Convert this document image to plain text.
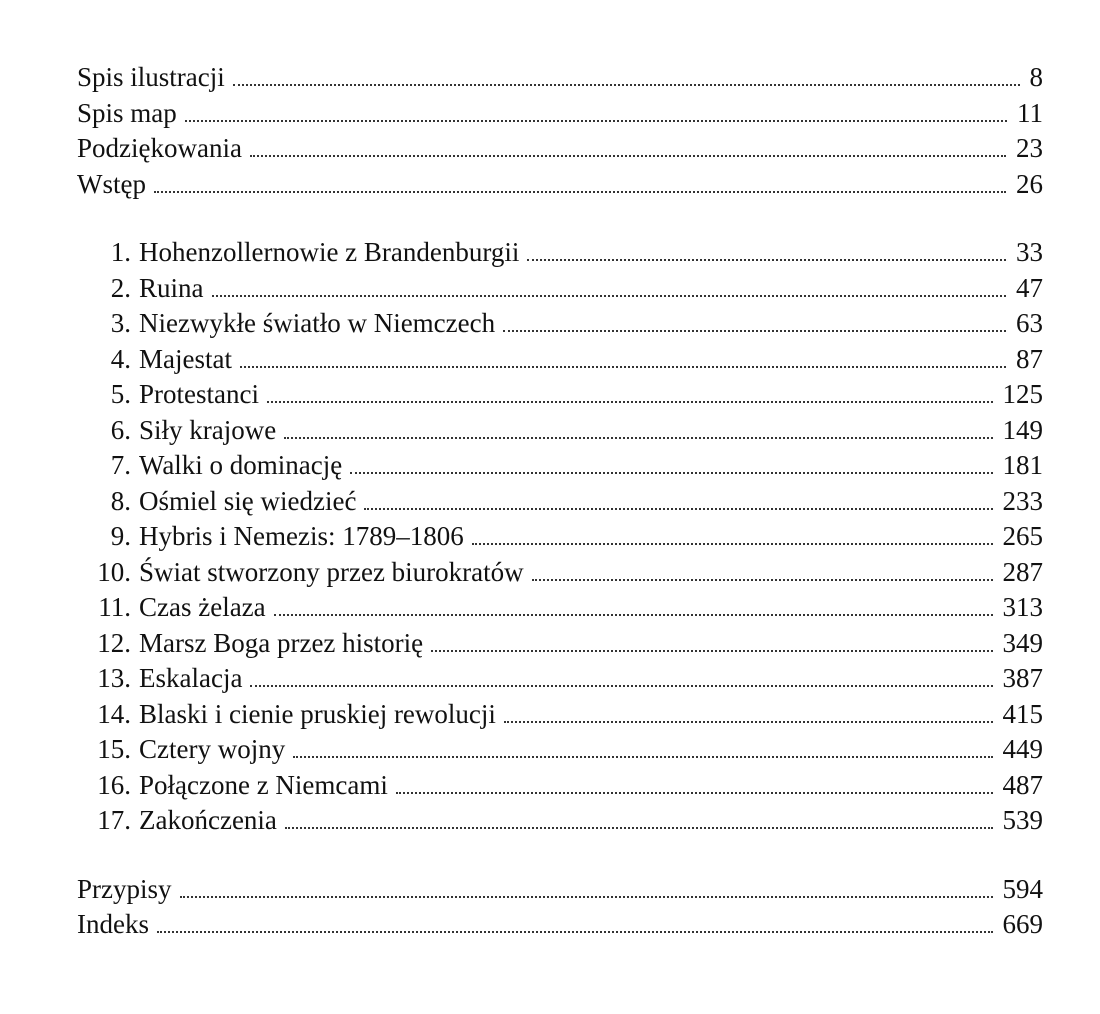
Spis ilustracji	8
Spis map	11
Podziękowania	23
Wstęp	26
1. Hohenzollernowie z Brandenburgii	33
2. Ruina	47
3. Niezwykłe światło w Niemczech	63
4. Majestat	87
5. Protestanci	125
6. Siły krajowe	149
7. Walki o dominację	181
8. Ośmiel się wiedzieć	233
9. Hybris i Nemezis: 1789–1806	265
10. Świat stworzony przez biurokratów	287
11. Czas żelaza	313
12. Marsz Boga przez historię	349
13. Eskalacja	387
14. Blaski i cienie pruskiej rewolucji	415
15. Cztery wojny	449
16. Połączone z Niemcami	487
17. Zakończenia	539
Przypisy	594
Indeks	669
